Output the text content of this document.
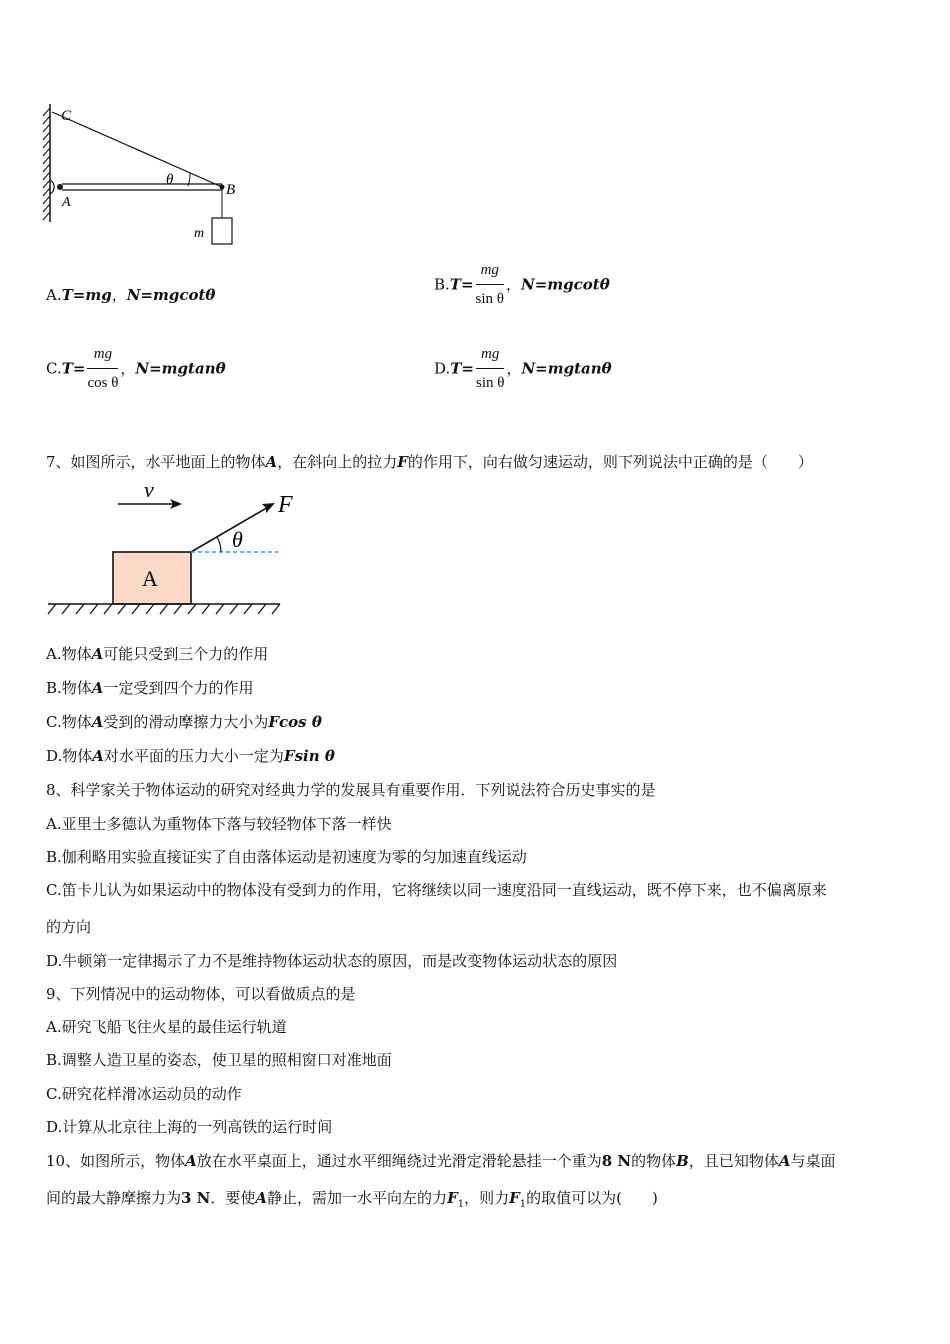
C
A
B
θ
m
A.T=mg，N=mgcotθ
$B.T= \frac{mg}{\text{sin θ}}$ ，N=mgcotθ
$C.T= \frac{mg}{\text{cos θ}}$ ，N=mgtanθ	$D.T= \frac{mg}{\text{sin θ}}$ ，N=mgtanθ
7、如图所示，水平地面上的物体A，在斜向上的拉力F的作用下，向右做匀速运动，则下列说法中正确的是（　　）
v
A
F
θ
A.物体A可能只受到三个力的作用
B.物体A一定受到四个力的作用
C.物体A受到的滑动摩擦力大小为Fcos θ
D.物体A对水平面的压力大小一定为Fsin θ
8、科学家关于物体运动的研究对经典力学的发展具有重要作用．下列说法符合历史事实的是
A.亚里士多德认为重物体下落与较轻物体下落一样快
B.伽利略用实验直接证实了自由落体运动是初速度为零的匀加速直线运动
C.笛卡儿认为如果运动中的物体没有受到力的作用，它将继续以同一速度沿同一直线运动，既不停下来，也不偏离原来
的方向
D.牛顿第一定律揭示了力不是维持物体运动状态的原因，而是改变物体运动状态的原因
9、下列情况中的运动物体，可以看做质点的是
A.研究飞船飞往火星的最佳运行轨道
B.调整人造卫星的姿态，使卫星的照相窗口对准地面
C.研究花样滑冰运动员的动作
D.计算从北京往上海的一列高铁的运行时间
10、如图所示，物体A放在水平桌面上，通过水平细绳绕过光滑定滑轮悬挂一个重为8 N的物体B，且已知物体A与桌面
间的最大静摩擦力为3 N．要使A静止，需加一水平向左的力$F_1$，则力$F_1$的取值可以为(　　)
